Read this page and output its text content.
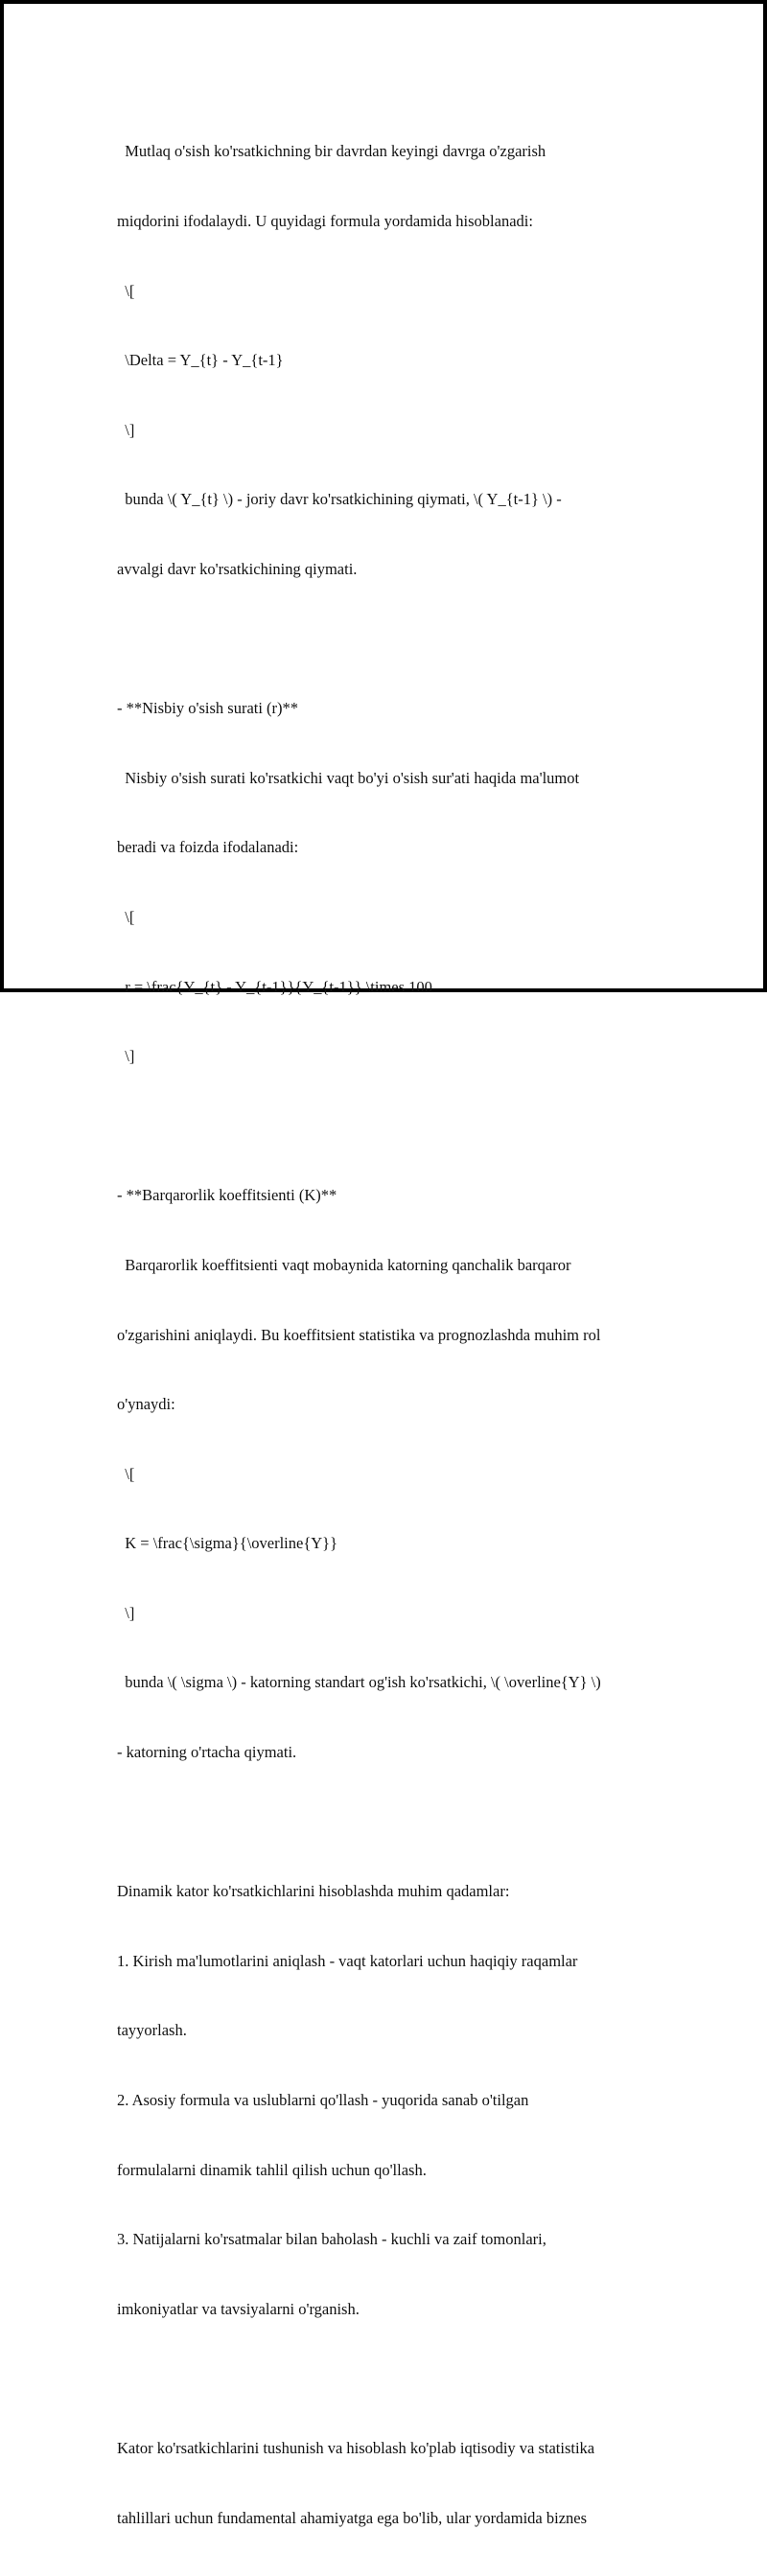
Mutlaq o'sish ko'rsatkichning bir davrdan keyingi davrga o'zgarish

miqdorini ifodalaydi. U quyidagi formula yordamida hisoblanadi:

\[

\Delta = Y_{t} - Y_{t-1}

\]

bunda \( Y_{t} \) - joriy davr ko'rsatkichining qiymati, \( Y_{t-1} \) -

avvalgi davr ko'rsatkichining qiymati.

- **Nisbiy o'sish surati (r)**

Nisbiy o'sish surati ko'rsatkichi vaqt bo'yi o'sish sur'ati haqida ma'lumot

beradi va foizda ifodalanadi:

\[

r = \frac{Y_{t} - Y_{t-1}}{Y_{t-1}} \times 100

\]

- **Barqarorlik koeffitsienti (K)**

Barqarorlik koeffitsienti vaqt mobaynida katorning qanchalik barqaror

o'zgarishini aniqlaydi. Bu koeffitsient statistika va prognozlashda muhim rol

o'ynaydi:

\[

K = \frac{\sigma}{\overline{Y}}

\]

bunda \( \sigma \) - katorning standart og'ish ko'rsatkichi, \( \overline{Y} \)

- katorning o'rtacha qiymati.

Dinamik kator ko'rsatkichlarini hisoblashda muhim qadamlar:

1. Kirish ma'lumotlarini aniqlash - vaqt katorlari uchun haqiqiy raqamlar

tayyorlash.

2. Asosiy formula va uslublarni qo'llash - yuqorida sanab o'tilgan

formulalarni dinamik tahlil qilish uchun qo'llash.

3. Natijalarni ko'rsatmalar bilan baholash - kuchli va zaif tomonlari,

imkoniyatlar va tavsiyalarni o'rganish.

Kator ko'rsatkichlarini tushunish va hisoblash ko'plab iqtisodiy va statistika

tahlillari uchun fundamental ahamiyatga ega bo'lib, ular yordamida biznes
